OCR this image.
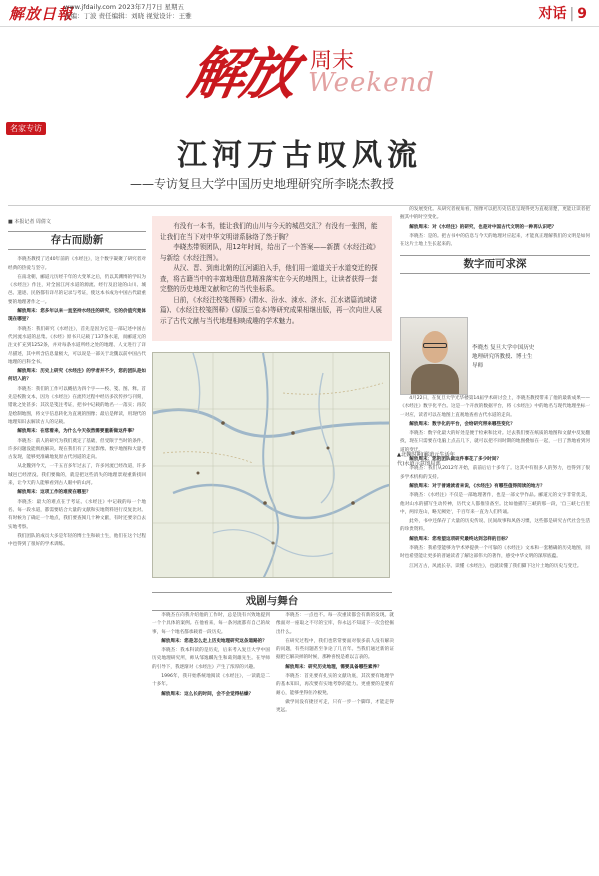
解放日報
www.jfdaily.com 2023年7月7日 星期五
主编：丁波 责任编辑：刘晓 视觉设计：王雅	对话 | 9
解放 周末
Weekend
名家专访
江河万古叹风流
——专访复旦大学中国历史地理研究所李晓杰教授
■ 本报记者 周倩文
存古而励新

李晓杰教授了近40年前的《水经注》，这个数字凝聚了研究者对经典的热爱与坚守。

在南北朝，郦道元历经千年的大变革之后，仍以其渊博的学识为《水经注》作注，对全国江河水道的源流、经行及沿途的山川、城邑、遗迹、民俗都有详尽的记录与考证，使这本书成为中国古代最重要的地理著作之一。

解放周末：您多年以来一直坚持水经注的研究，它的价值究竟体现在哪里？

李晓杰：我们研究《水经注》，首先是因为它是一部记述中国古代河流水道的总集。《水经》原书只记载了137条水道，而郦道元的注文扩充到1252条，并对每条水道所经之处的地理、人文进行了详尽描述，其中所含信息量极大，可以说是一部关于北魏以前中国古代地理的百科全书。

解放周末：历史上研究《水经注》的学者并不少，您的团队是如何切入的？

李晓杰：我们的工作可以概括为四个字——校、笺、图、释。首先是校勘文本，因为《水经注》在流传过程中经历多次传抄与刊刻，错讹之处甚多；其次是笺注考证，把书中记载的地名一一落实；再次是绘制地图，将文字信息转化为直观的图像；最后是释读，用现代的地理知识去解读古人的记载。

解放周末：在您看来，为什么今天依然需要重新做这件事？

李晓杰：前人的研究为我们奠定了基础，但受限于当时的条件，许多问题没能彻底解决。现在我们有了卫星影像、数字地图和大量考古发现，能够更准确地复原古代河道的走向。

从北魏到今天，一千五百多年过去了，许多河流已经改道，许多城邑已经湮没。我们要做的，就是把这些消失的地理景观重新找回来，让今天的人能够看到古人眼中的山河。

解放周末：这项工作的难度在哪里？

李晓杰：最大的难点在于考证。《水经注》中记载的每一个地名、每一段水道，都需要结合大量的文献和实地资料进行反复比对。有时候为了确定一个地点，我们要查阅几十种文献，有时还要亲自去实地考察。

我们团队的成员大多是年轻的博士生和硕士生，他们在这个过程中也得到了很好的学术训练。

有没有一本书，能让我们的山川与今天的城邑交汇？有没有一张图，能让我们在当下对中华文明谱系脉络了然于胸？

李晓杰带领团队，用12年时间，给出了一个答案——新撰《水经注疏》与新绘《水经注图》。

从汉、晋、到南北朝的江河湖泊入手，他们用一道道关于水道变迁的探查，将古籍当中的丰富地理信息精准落实在今天的地图上，让读者获得一套完整的历史地理文献和它的当代坐标系。

日前，《水经注校笺图释》(渭水、汾水、涑水、济水、江水诸篇流域诸篇)、《水经注校笺图释》(原版三卷本)等研究成果相继出版，再一次向世人展示了古代文献与当代地理相映成趣的学术魅力。

的发展变化。从研究者视角看，图像可以把历史信息呈现得更为直观清楚，更能让读者把握其中的时空变化。

解放周末：对《水经注》的研究，也是对中国古代文明的一种再认识吧？

李晓杰：是的。把古书中的信息与今天的地理对应起来，才能真正理解我们的文明是如何在这片土地上生长起来的。

数字而可求深
李晓杰 复旦大学中国历史地理研究所教授、博士生导师
▲北魏时期(郦道元生活年代)水道示意图局部

4月22日，在复旦大学光华楼第14届学术研讨会上，李晓杰教授带来了他的最新成果——《水经注》数字化平台。这是一个开放的数据平台，将《水经注》中的地名与现代地理坐标一一对应，读者可以在地图上直观地查看古代水道的走向。

解放周末：数字化的平台，会给研究带来哪些变化？

李晓杰：数字化最大的好处是便于检索和比对。过去我们要在纸质的地图和文献中反复翻找，现在只需要在电脑上点击几下，就可以把不同时期的地图叠加在一起，一目了然地看到河道的变迁。

解放周末：您的团队做这件事花了多少时间？

李晓杰：我们从2012年开始，前前后后十多年了。这其中有很多人的努力，也得到了很多学术机构的支持。

解放周末：对于普通读者来说，《水经注》有哪些值得阅读的地方？

李晓杰：《水经注》不仅是一部地理著作，也是一部文学作品。郦道元的文字非常优美，他对山水的描写生动传神，历代文人都推崇备至。比如他描写三峡的那一段，'自三峡七百里中，两岸连山，略无阙处'，千百年来一直为人们传诵。

此外，书中还保存了大量的历史传说、民间故事和风俗习惯，这些都是研究古代社会生活的珍贵资料。

解放周末：您希望这项研究最终达到怎样的目标？

李晓杰：我希望能够为学术界提供一个可靠的《水经注》文本和一套精确的历史地图，同时也希望能让更多的普通读者了解这部伟大的著作，感受中华文明的深厚底蕴。

江河万古，风流长存。读懂《水经注》，也就读懂了我们脚下这片土地的历史与变迁。

戏剧与舞台

李晓杰在向我介绍他的工作时，总是饶有兴致地提到一个个具体的案例。在他看来，每一条河流都有自己的故事，每一个地名都承载着一段历史。

解放周末：您是怎么走上历史地理研究这条道路的？

李晓杰：我本科读的是历史，后来考入复旦大学中国历史地理研究所，师从邹逸麟先生和葛剑雄先生。在导师的引导下，我逐渐对《水经注》产生了浓厚的兴趣。

1996年，我开始系统地阅读《水经注》，一读就是二十多年。

解放周末：这么长的时间，会不会觉得枯燥？

李晓杰：一点也不。每一次重读都会有新的发现。就像面对一座取之不尽的宝库，你永远不知道下一次会挖掘出什么。

在研究过程中，我们也常常要面对很多前人没有解决的问题，有些问题甚至争论了几百年。当我们通过新的证据把它解决掉的时候，那种喜悦是难以言表的。

解放周末：研究历史地理，需要具备哪些素养？

李晓杰：首先要有扎实的文献功底，其次要有地理学的基本知识，再次要有实地考察的能力。更重要的是要有耐心，能够坐得住冷板凳。

做学问没有捷径可走，只有一步一个脚印，才能走得更远。
